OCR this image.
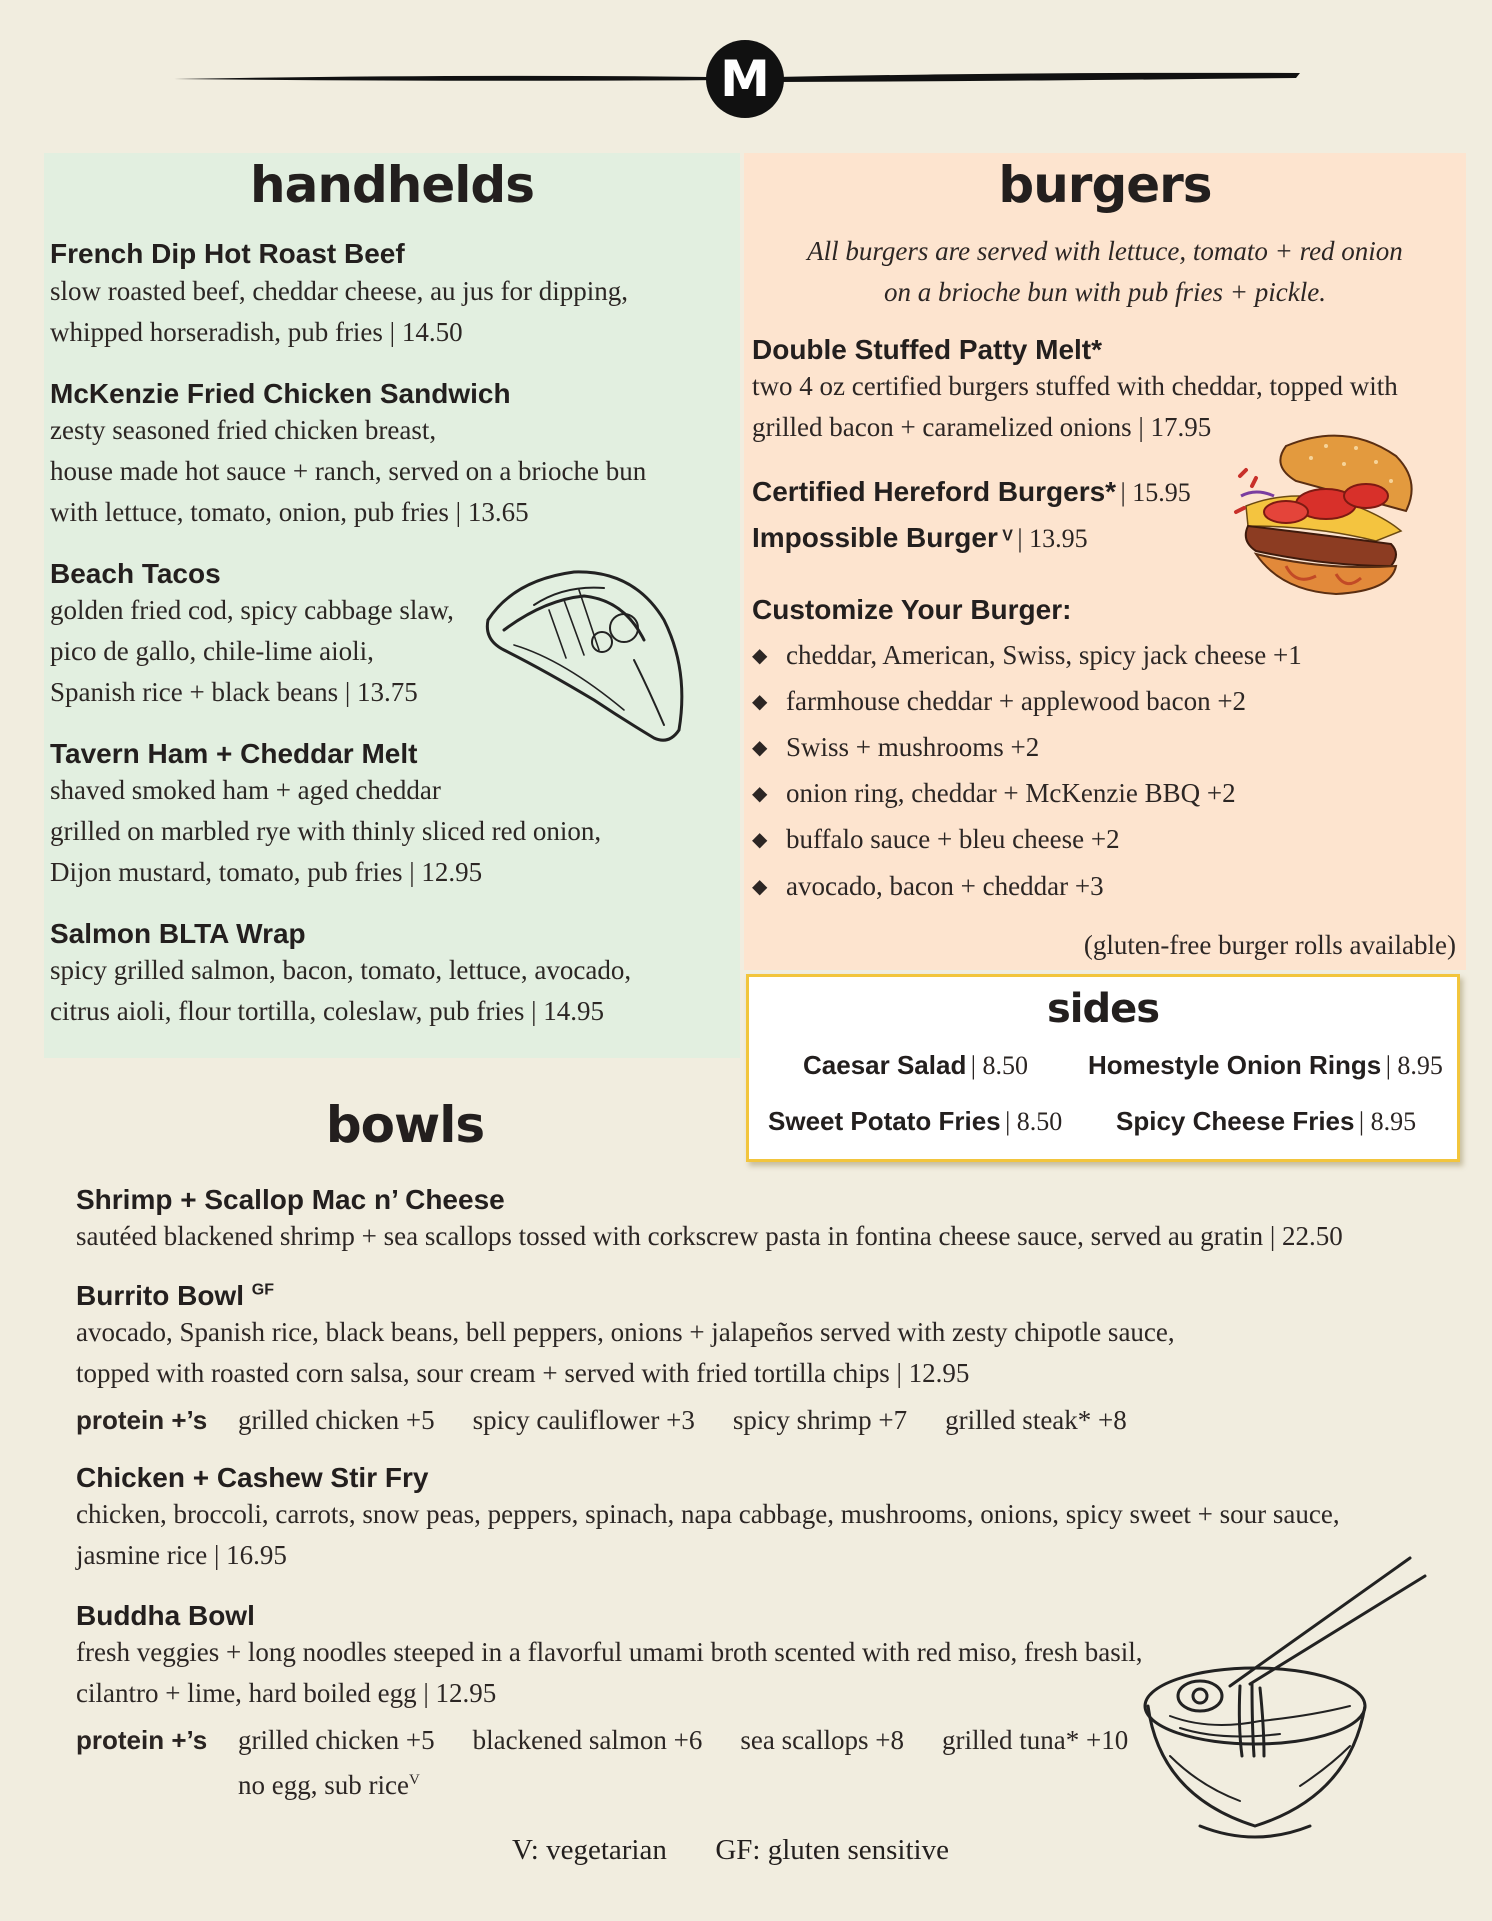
M
handhelds
French Dip Hot Roast Beef
slow roasted beef, cheddar cheese, au jus for dipping,
whipped horseradish, pub fries | 14.50
McKenzie Fried Chicken Sandwich
zesty seasoned fried chicken breast,
house made hot sauce + ranch, served on a brioche bun
with lettuce, tomato, onion, pub fries | 13.65
Beach Tacos
golden fried cod, spicy cabbage slaw,
pico de gallo, chile-lime aioli,
Spanish rice + black beans | 13.75
Tavern Ham + Cheddar Melt
shaved smoked ham + aged cheddar
grilled on marbled rye with thinly sliced red onion,
Dijon mustard, tomato, pub fries | 12.95
Salmon BLTA Wrap
spicy grilled salmon, bacon, tomato, lettuce, avocado,
citrus aioli, flour tortilla, coleslaw, pub fries | 14.95
burgers
All burgers are served with lettuce, tomato + red onion
on a brioche bun with pub fries + pickle.
Double Stuffed Patty Melt*
two 4 oz certified burgers stuffed with cheddar, topped with
grilled bacon + caramelized onions | 17.95
Certified Hereford Burgers* | 15.95
Impossible Burger $^V$ | 13.95
Customize Your Burger:
◆ cheddar, American, Swiss, spicy jack cheese +1
◆ farmhouse cheddar + applewood bacon +2
◆ Swiss + mushrooms +2
◆ onion ring, cheddar + McKenzie BBQ +2
◆ buffalo sauce + bleu cheese +2
◆ avocado, bacon + cheddar +3
(gluten-free burger rolls available)
sides
Caesar Salad | 8.50 Homestyle Onion Rings | 8.95
Sweet Potato Fries | 8.50 Spicy Cheese Fries | 8.95
bowls
Shrimp + Scallop Mac n’ Cheese
sautéed blackened shrimp + sea scallops tossed with corkscrew pasta in fontina cheese sauce, served au gratin | 22.50
Burrito Bowl $^{GF}$
avocado, Spanish rice, black beans, bell peppers, onions + jalapeños served with zesty chipotle sauce,
topped with roasted corn salsa, sour cream + served with fried tortilla chips | 12.95
protein +’s	grilled chicken +5 spicy cauliflower +3 spicy shrimp +7 grilled steak* +8
Chicken + Cashew Stir Fry
chicken, broccoli, carrots, snow peas, peppers, spinach, napa cabbage, mushrooms, onions, spicy sweet + sour sauce,
jasmine rice | 16.95
Buddha Bowl
fresh veggies + long noodles steeped in a flavorful umami broth scented with red miso, fresh basil,
cilantro + lime, hard boiled egg | 12.95
protein +’s	grilled chicken +5 blackened salmon +6 sea scallops +8 grilled tuna* +10
no egg, sub rice$^V$
V: vegetarian GF: gluten sensitive
